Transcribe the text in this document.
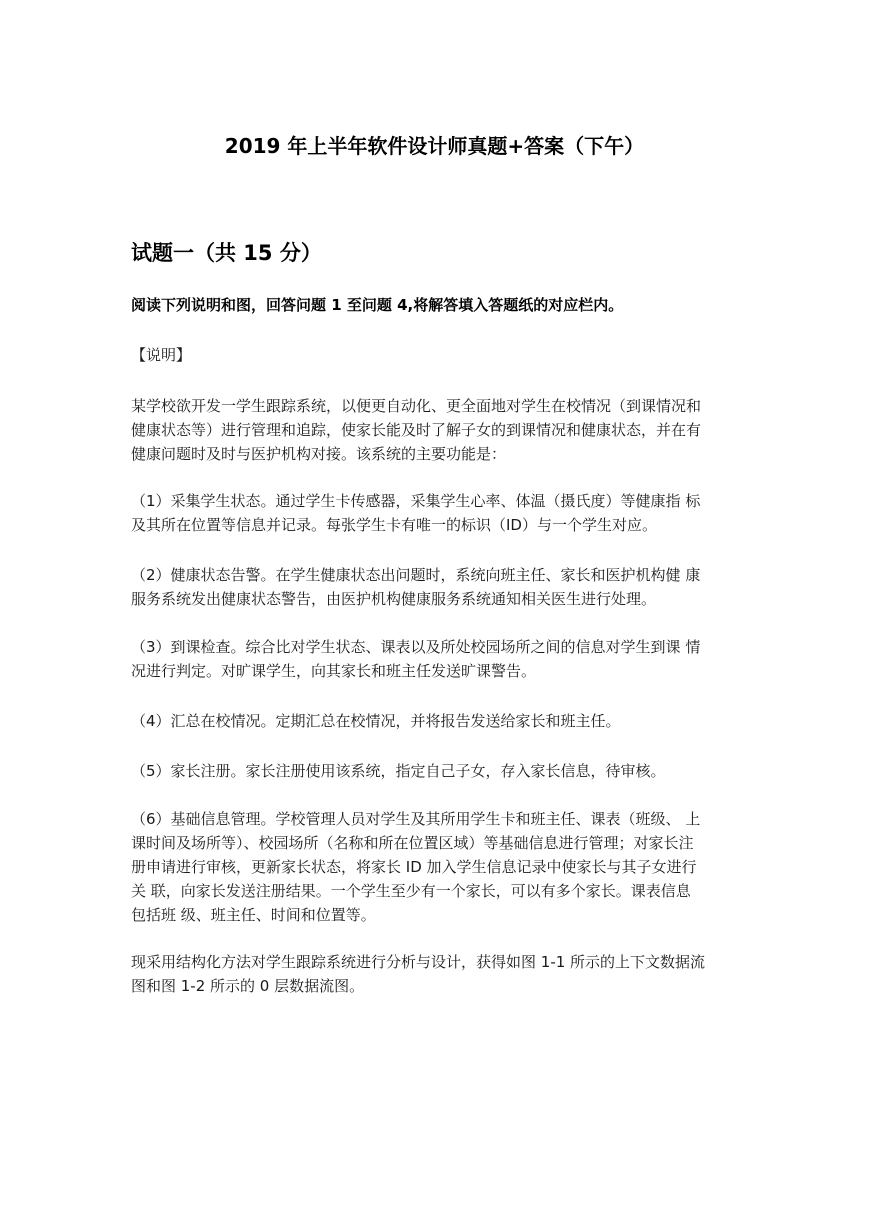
2019 年上半年软件设计师真题+答案（下午）
试题一（共 15 分）
阅读下列说明和图，回答问题 1 至问题 4,将解答填入答题纸的对应栏内。
【说明】
某学校欲开发一学生跟踪系统，以便更自动化、更全面地对学生在校情况（到课情况和
健康状态等）进行管理和追踪，使家长能及时了解子女的到课情况和健康状态，并在有
健康问题时及时与医护机构对接。该系统的主要功能是：
（1）采集学生状态。通过学生卡传感器，采集学生心率、体温（摄氏度）等健康指 标
及其所在位置等信息并记录。每张学生卡有唯一的标识（ID）与一个学生对应。
（2）健康状态告警。在学生健康状态出问题时，系统向班主任、家长和医护机构健 康
服务系统发出健康状态警告，由医护机构健康服务系统通知相关医生进行处理。
（3）到课检查。综合比对学生状态、课表以及所处校园场所之间的信息对学生到课 情
况进行判定。对旷课学生，向其家长和班主任发送旷课警告。
（4）汇总在校情况。定期汇总在校情况，并将报告发送给家长和班主任。
（5）家长注册。家长注册使用该系统，指定自己子女，存入家长信息，待审核。
（6）基础信息管理。学校管理人员对学生及其所用学生卡和班主任、课表（班级、 上
课时间及场所等）、校园场所（名称和所在位置区域）等基础信息进行管理；对家长注
册申请进行审核，更新家长状态，将家长 ID 加入学生信息记录中使家长与其子女进行
关 联，向家长发送注册结果。一个学生至少有一个家长，可以有多个家长。课表信息
包括班 级、班主任、时间和位置等。
现采用结构化方法对学生跟踪系统进行分析与设计，获得如图 1-1 所示的上下文数据流
图和图 1-2 所示的 0 层数据流图。
